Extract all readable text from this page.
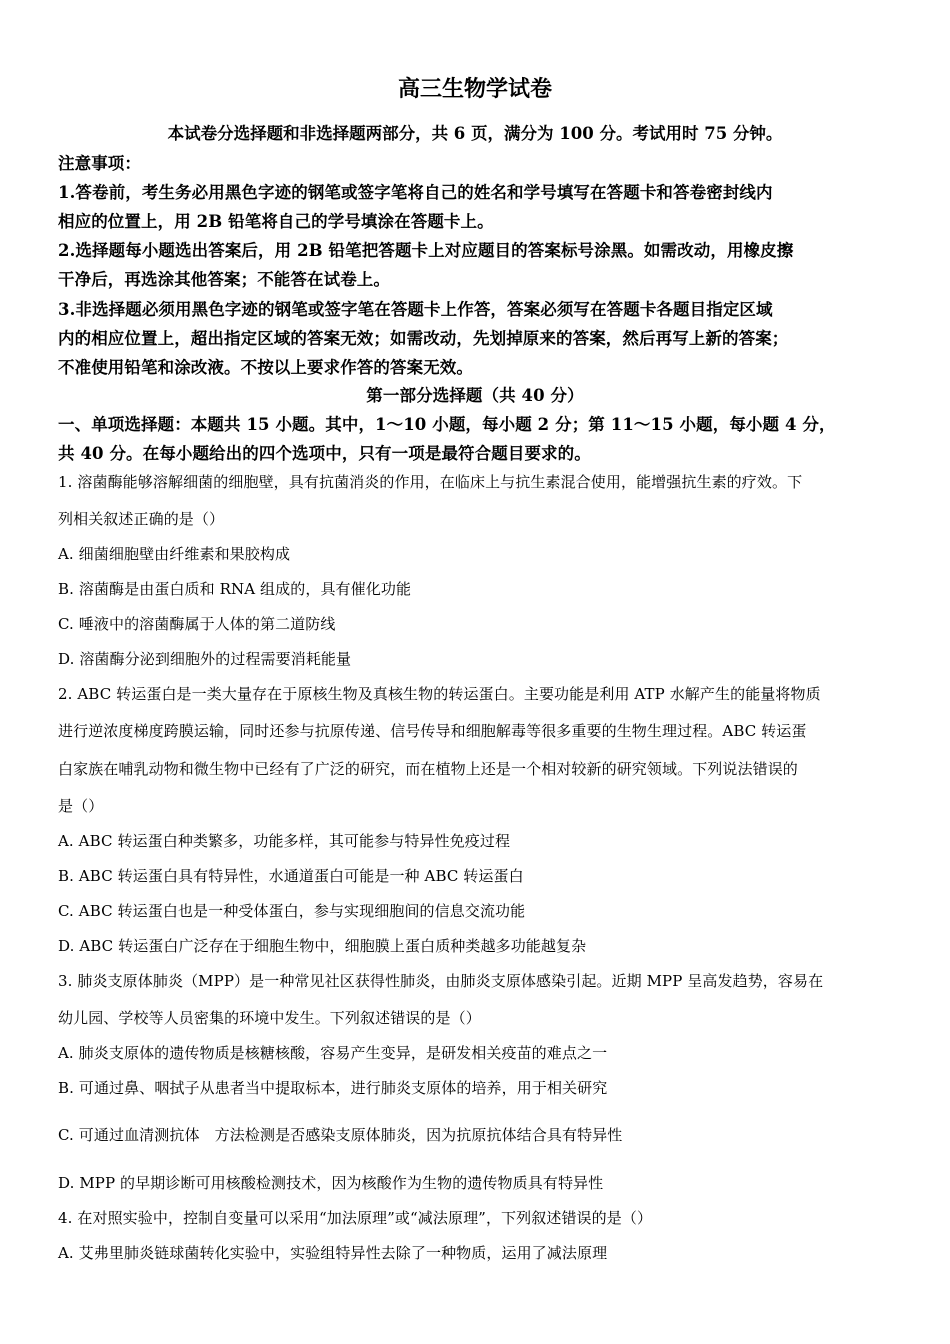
高三生物学试卷
本试卷分选择题和非选择题两部分，共 6 页，满分为 100 分。考试用时 75 分钟。
注意事项：
1.答卷前，考生务必用黑色字迹的钢笔或签字笔将自己的姓名和学号填写在答题卡和答卷密封线内
相应的位置上，用 2B 铅笔将自己的学号填涂在答题卡上。
2.选择题每小题选出答案后，用 2B 铅笔把答题卡上对应题目的答案标号涂黑。如需改动，用橡皮擦
干净后，再选涂其他答案；不能答在试卷上。
3.非选择题必须用黑色字迹的钢笔或签字笔在答题卡上作答，答案必须写在答题卡各题目指定区域
内的相应位置上，超出指定区域的答案无效；如需改动，先划掉原来的答案，然后再写上新的答案；
不准使用铅笔和涂改液。不按以上要求作答的答案无效。
第一部分选择题（共 40 分）
一、单项选择题：本题共 15 小题。其中，1～10 小题，每小题 2 分；第 11～15 小题，每小题 4 分，
共 40 分。在每小题给出的四个选项中，只有一项是最符合题目要求的。
1. 溶菌酶能够溶解细菌的细胞壁，具有抗菌消炎的作用，在临床上与抗生素混合使用，能增强抗生素的疗效。下
列相关叙述正确的是（）
A. 细菌细胞壁由纤维素和果胶构成
B. 溶菌酶是由蛋白质和 RNA 组成的，具有催化功能
C. 唾液中的溶菌酶属于人体的第二道防线
D. 溶菌酶分泌到细胞外的过程需要消耗能量
2. ABC 转运蛋白是一类大量存在于原核生物及真核生物的转运蛋白。主要功能是利用 ATP 水解产生的能量将物质
进行逆浓度梯度跨膜运输，同时还参与抗原传递、信号传导和细胞解毒等很多重要的生物生理过程。ABC 转运蛋
白家族在哺乳动物和微生物中已经有了广泛的研究，而在植物上还是一个相对较新的研究领域。下列说法错误的
是（）
A. ABC 转运蛋白种类繁多，功能多样，其可能参与特异性免疫过程
B. ABC 转运蛋白具有特异性，水通道蛋白可能是一种 ABC 转运蛋白
C. ABC 转运蛋白也是一种受体蛋白，参与实现细胞间的信息交流功能
D. ABC 转运蛋白广泛存在于细胞生物中，细胞膜上蛋白质种类越多功能越复杂
3. 肺炎支原体肺炎（MPP）是一种常见社区获得性肺炎，由肺炎支原体感染引起。近期 MPP 呈高发趋势，容易在
幼儿园、学校等人员密集的环境中发生。下列叙述错误的是（）
A. 肺炎支原体的遗传物质是核糖核酸，容易产生变异，是研发相关疫苗的难点之一
B. 可通过鼻、咽拭子从患者当中提取标本，进行肺炎支原体的培养，用于相关研究
C. 可通过血清测抗体　方法检测是否感染支原体肺炎，因为抗原抗体结合具有特异性
D. MPP 的早期诊断可用核酸检测技术，因为核酸作为生物的遗传物质具有特异性
4. 在对照实验中，控制自变量可以采用“加法原理”或“减法原理”，下列叙述错误的是（）
A. 艾弗里肺炎链球菌转化实验中，实验组特异性去除了一种物质，运用了减法原理
